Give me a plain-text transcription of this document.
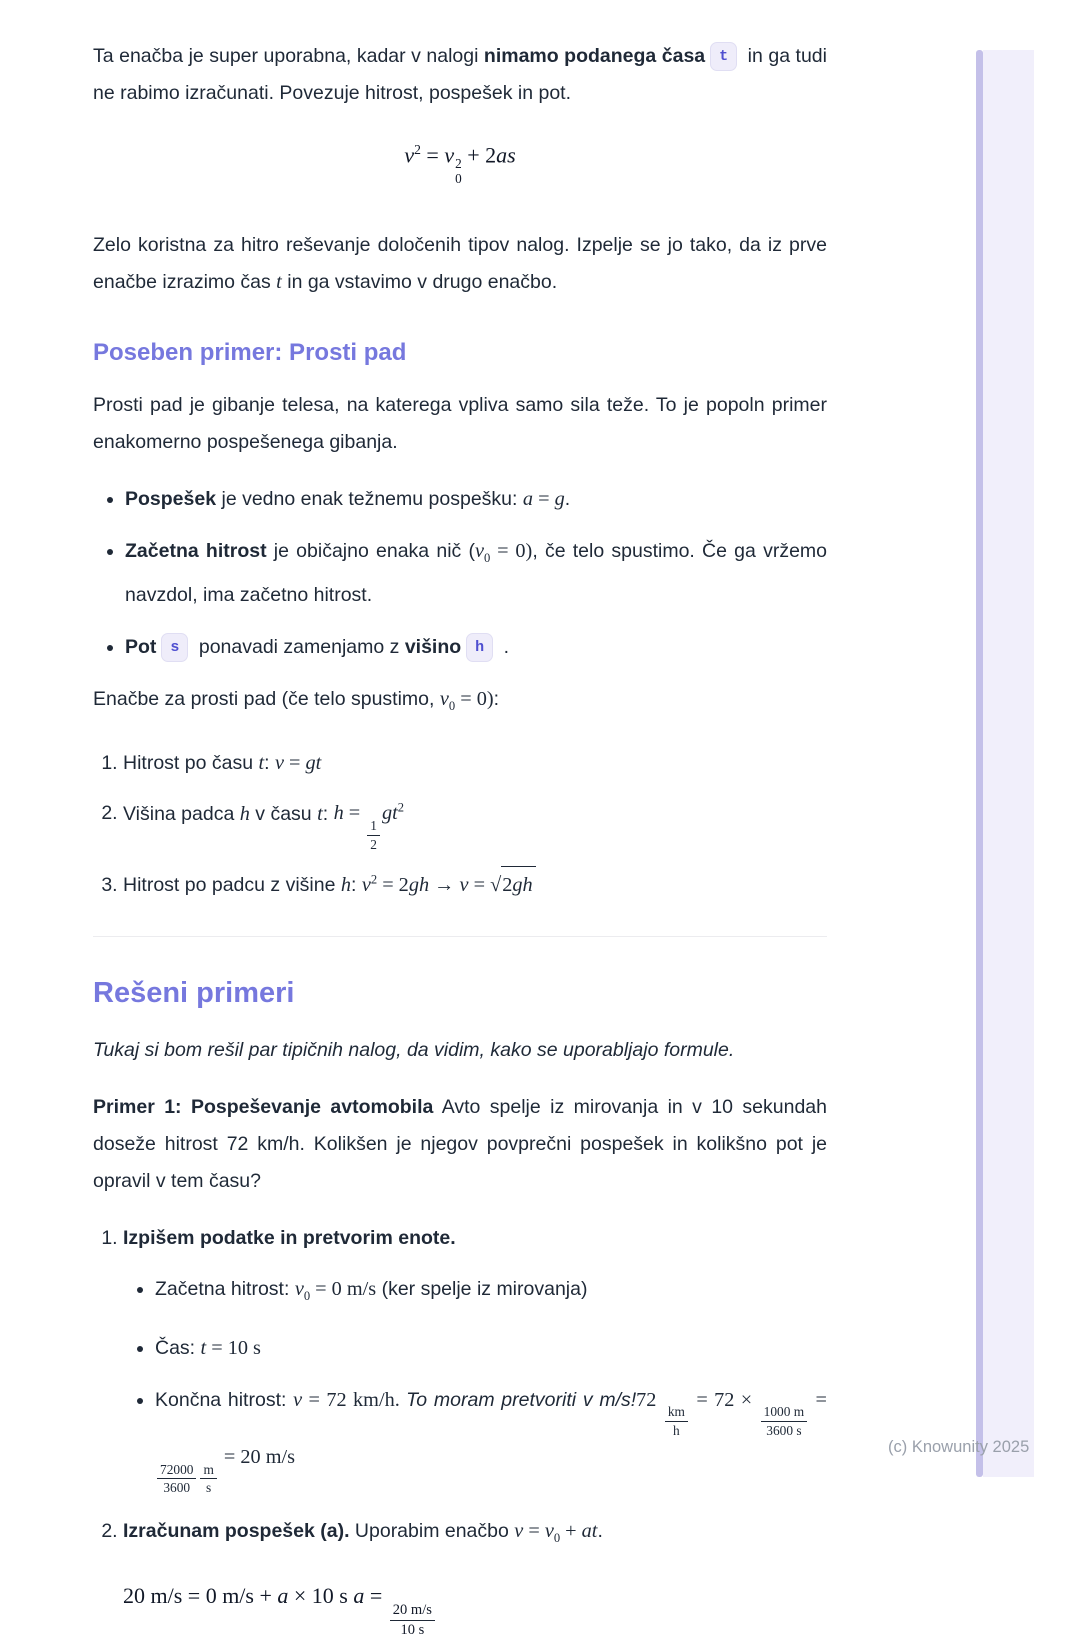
Ta enačba je super uporabna, kadar v nalogi nimamo podanega časa t in ga tudi ne rabimo izračunati. Povezuje hitrost, pospešek in pot.

$v^2 = v$ 2
0
+ 2as

Zelo koristna za hitro reševanje določenih tipov nalog. Izpelje se jo tako, da iz prve enačbe izrazimo čas t in ga vstavimo v drugo enačbo.

Poseben primer: Prosti pad

Prosti pad je gibanje telesa, na katerega vpliva samo sila teže. To je popoln primer enakomerno pospešenega gibanja.

• Pospešek je vedno enak težnemu pospešku: a = g.
• Začetna hitrost je običajno enaka nič $(v_0 = 0)$, če telo spustimo. Če ga vržemo navzdol, ima začetno hitrost.
• Pot s ponavadi zamenjamo z višino h .

Enačbe za prosti pad (če telo spustimo, $v_0 = 0$):

1. Hitrost po času t: v = gt
2. Višina padca h v času t: h =
$\frac{1}{2}$
$gt^2$
3. Hitrost po padcu z višine h: $v^2 = 2gh \to v = √2gh$
Rešeni primeri

Tukaj si bom rešil par tipičnih nalog, da vidim, kako se uporabljajo formule.

Primer 1: Pospeševanje avtomobila Avto spelje iz mirovanja in v 10 sekundah doseže hitrost 72 km/h. Kolikšen je njegov povprečni pospešek in kolikšno pot je opravil v tem času?

1. Izpišem podatke in pretvorim enote.
• Začetna hitrost: $v_0 = 0$ m/s (ker spelje iz mirovanja)
• Čas: t = 10 s
• Končna hitrost: v = 72 km/h. To moram pretvoriti v m/s!72
$\frac{km}{h}$
= 72 ×
$\frac{1000 m}{3600 s}$
=
$\frac{72000}{3600} \frac{m}{s}$
= 20 m/s
2. Izračunam pospešek (a). Uporabim enačbo $v = v_0$ + at.
20 m/s = 0 m/s + a × 10 s a =
$\frac{20 m/s}{10 s}$
(c) Knowunity 2025
